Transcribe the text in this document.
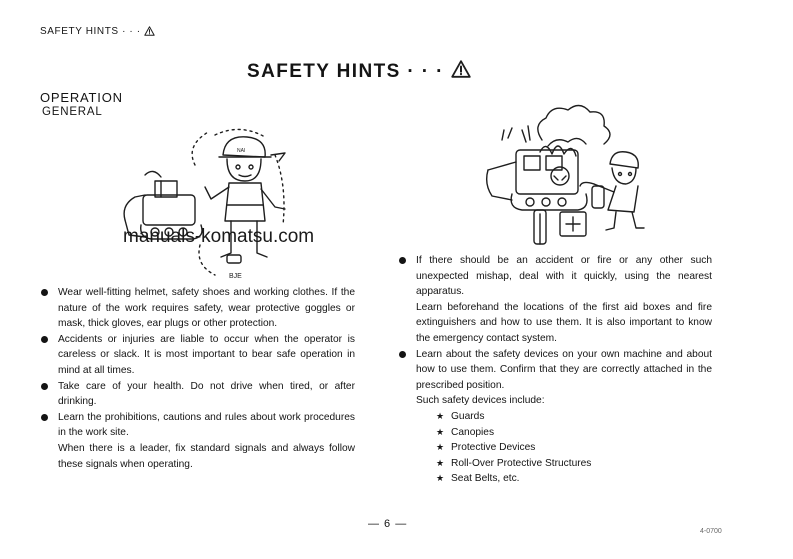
SAFETY HINTS · · ·
SAFETY HINTS · · ·
OPERATION
GENERAL
NAI
BJE
manuals-komatsu.com
Wear well-fitting helmet, safety shoes and working clothes. If the nature of the work requires safety, wear protective goggles or mask, thick gloves, ear plugs or other protection.
Accidents or injuries are liable to occur when the operator is careless or slack. It is most important to bear safe operation in mind at all times.
Take care of your health. Do not drive when tired, or after drinking.
Learn the prohibitions, cautions and rules about work procedures in the work site.
When there is a leader, fix standard signals and always follow these signals when operating.
If there should be an accident or fire or any other such unexpected mishap, deal with it quickly, using the nearest apparatus.
Learn beforehand the locations of the first aid boxes and fire extinguishers and how to use them. It is also important to know the emergency contact system.
Learn about the safety devices on your own machine and about how to use them. Confirm that they are correctly attached in the prescribed position.
Such safety devices include:
★ Guards
★ Canopies
★ Protective Devices
★ Roll-Over Protective Structures
★ Seat Belts, etc.
— 6 —
4-0700
